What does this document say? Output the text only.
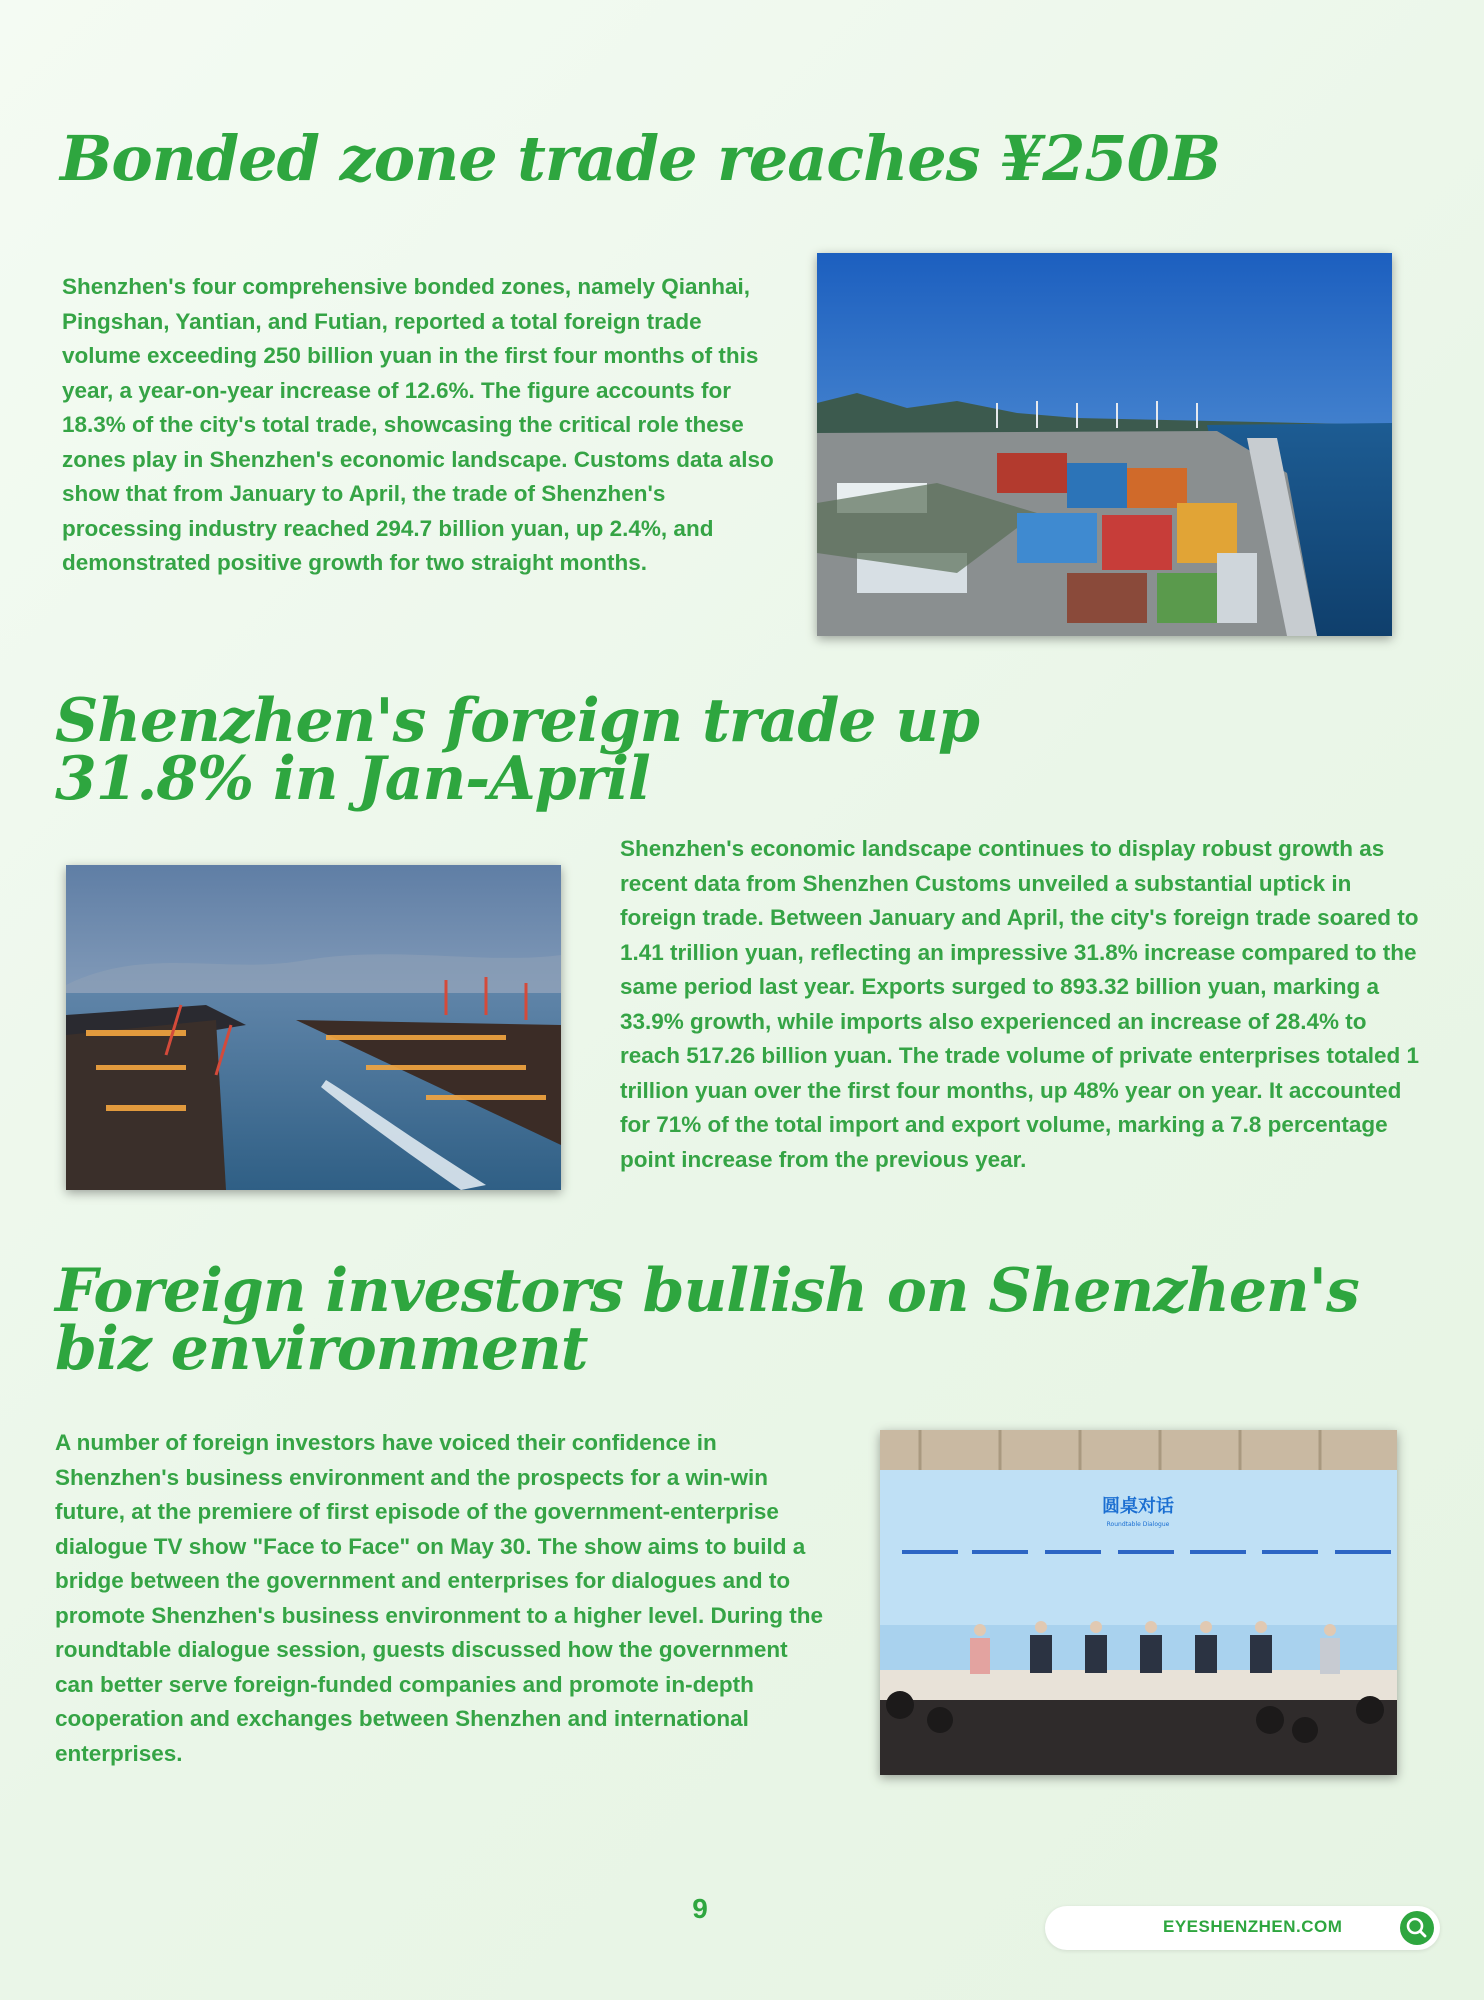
Bonded zone trade reaches ¥250B

Shenzhen's four comprehensive bonded zones, namely Qianhai, Pingshan, Yantian, and Futian, reported a total foreign trade volume exceeding 250 billion yuan in the first four months of this year, a year-on-year increase of 12.6%. The figure accounts for 18.3% of the city's total trade, showcasing the critical role these zones play in Shenzhen's economic landscape. Customs data also show that from January to April, the trade of Shenzhen's processing industry reached 294.7 billion yuan, up 2.4%, and demonstrated positive growth for two straight months.

Shenzhen's foreign trade up
31.8% in Jan-April

Shenzhen's economic landscape continues to display robust growth as recent data from Shenzhen Customs unveiled a substantial uptick in foreign trade. Between January and April, the city's foreign trade soared to 1.41 trillion yuan, reflecting an impressive 31.8% increase compared to the same period last year. Exports surged to 893.32 billion yuan, marking a 33.9% growth, while imports also experienced an increase of 28.4% to reach 517.26 billion yuan. The trade volume of private enterprises totaled 1 trillion yuan over the first four months, up 48% year on year. It accounted for 71% of the total import and export volume, marking a 7.8 percentage point increase from the previous year.

Foreign investors bullish on Shenzhen's
biz environment

A number of foreign investors have voiced their confidence in Shenzhen's business environment and the prospects for a win-win future, at the premiere of first episode of the government-enterprise dialogue TV show "Face to Face" on May 30. The show aims to build a bridge between the government and enterprises for dialogues and to promote Shenzhen's business environment to a higher level. During the roundtable dialogue session, guests discussed how the government can better serve foreign-funded companies and promote in-depth cooperation and exchanges between Shenzhen and international enterprises.

圆桌对话
Roundtable Dialogue
9
EYESHENZHEN.COM
